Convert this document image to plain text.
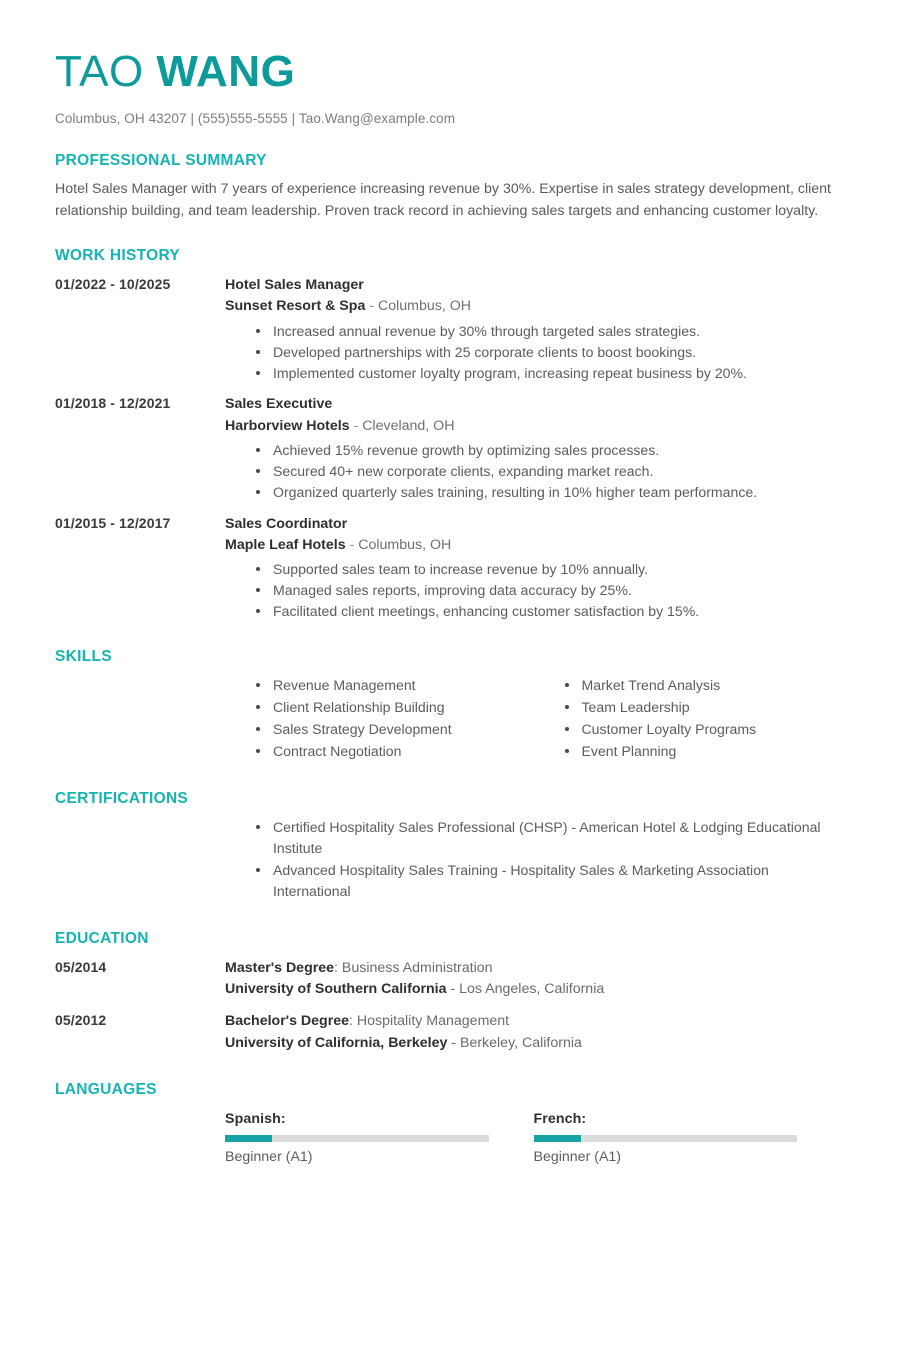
TAO WANG
Columbus, OH 43207 | (555)555-5555 | Tao.Wang@example.com
PROFESSIONAL SUMMARY
Hotel Sales Manager with 7 years of experience increasing revenue by 30%. Expertise in sales strategy development, client relationship building, and team leadership. Proven track record in achieving sales targets and enhancing customer loyalty.
WORK HISTORY
01/2022 - 10/2025	Hotel Sales Manager
Sunset Resort & Spa - Columbus, OH
Increased annual revenue by 30% through targeted sales strategies.
Developed partnerships with 25 corporate clients to boost bookings.
Implemented customer loyalty program, increasing repeat business by 20%.
01/2018 - 12/2021	Sales Executive
Harborview Hotels - Cleveland, OH
Achieved 15% revenue growth by optimizing sales processes.
Secured 40+ new corporate clients, expanding market reach.
Organized quarterly sales training, resulting in 10% higher team performance.
01/2015 - 12/2017	Sales Coordinator
Maple Leaf Hotels - Columbus, OH
Supported sales team to increase revenue by 10% annually.
Managed sales reports, improving data accuracy by 25%.
Facilitated client meetings, enhancing customer satisfaction by 15%.
SKILLS
Revenue Management
Client Relationship Building
Sales Strategy Development
Contract Negotiation
Market Trend Analysis
Team Leadership
Customer Loyalty Programs
Event Planning
CERTIFICATIONS
Certified Hospitality Sales Professional (CHSP) - American Hotel & Lodging Educational Institute
Advanced Hospitality Sales Training - Hospitality Sales & Marketing Association International
EDUCATION
05/2014	Master's Degree: Business Administration
University of Southern California - Los Angeles, California
05/2012	Bachelor's Degree: Hospitality Management
University of California, Berkeley - Berkeley, California
LANGUAGES
Spanish:
Beginner (A1)
French:
Beginner (A1)
